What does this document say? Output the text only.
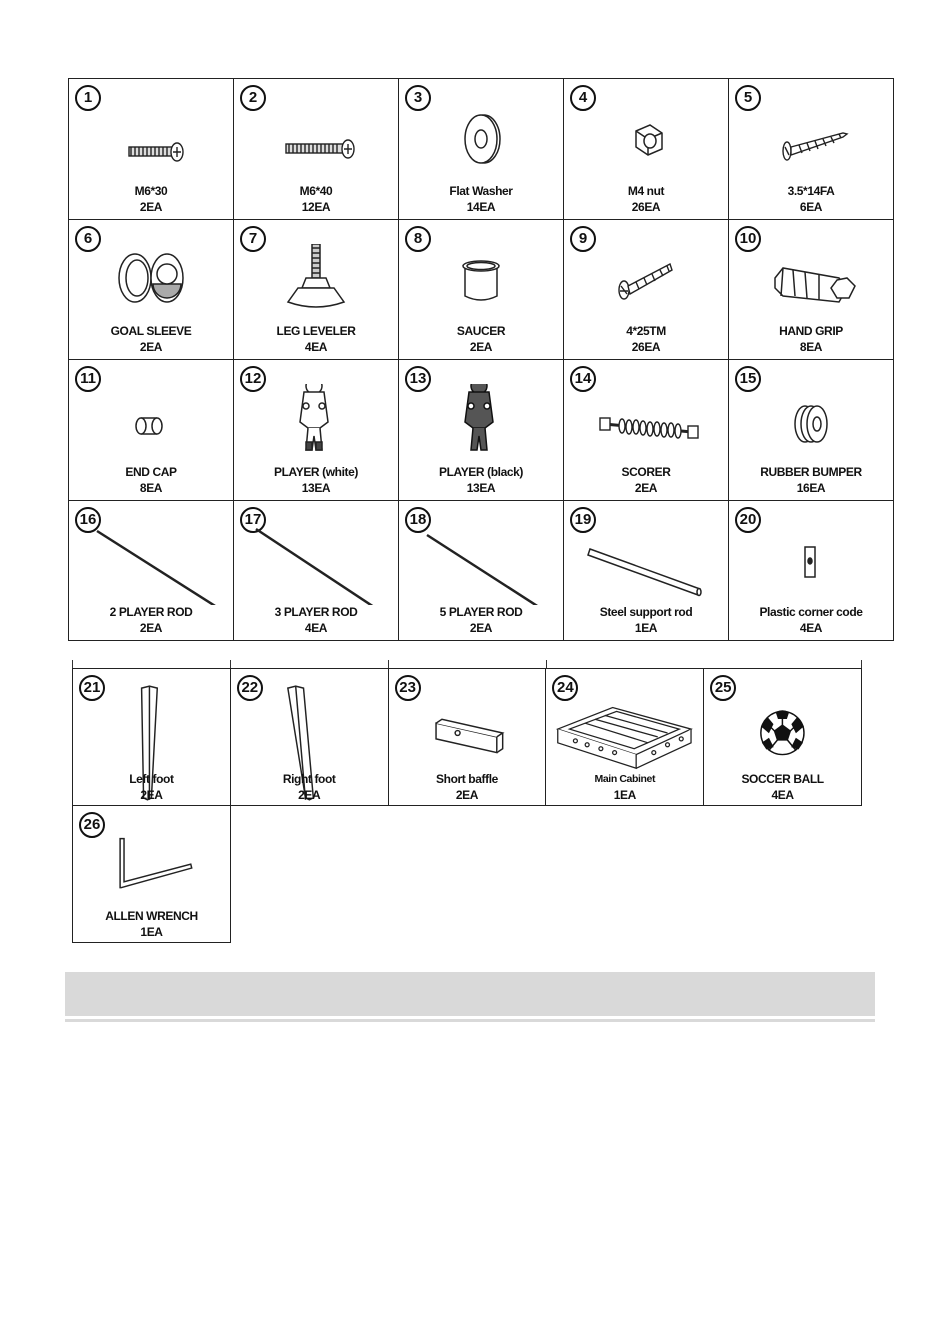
1
M6*30
2EA
2
M6*40
12EA
3
Flat Washer
14EA
4
M4 nut
26EA
5
3.5*14FA
6EA
6
GOAL SLEEVE
2EA
7
LEG LEVELER
4EA
8
SAUCER
2EA
9
4*25TM
26EA
10
HAND GRIP
8EA
11
END CAP
8EA
12
PLAYER (white)
13EA
13
PLAYER (black)
13EA
14
SCORER
2EA
15
RUBBER BUMPER
16EA
16
2 PLAYER ROD
2EA
17
3 PLAYER ROD
4EA
18
5 PLAYER ROD
2EA
19
Steel support rod
1EA
20
Plastic corner code
4EA
21
Left foot
2EA
22
Right foot
2EA
23
Short baffle
2EA
24
Main Cabinet
1EA
25
SOCCER BALL
4EA
26
ALLEN WRENCH
1EA
